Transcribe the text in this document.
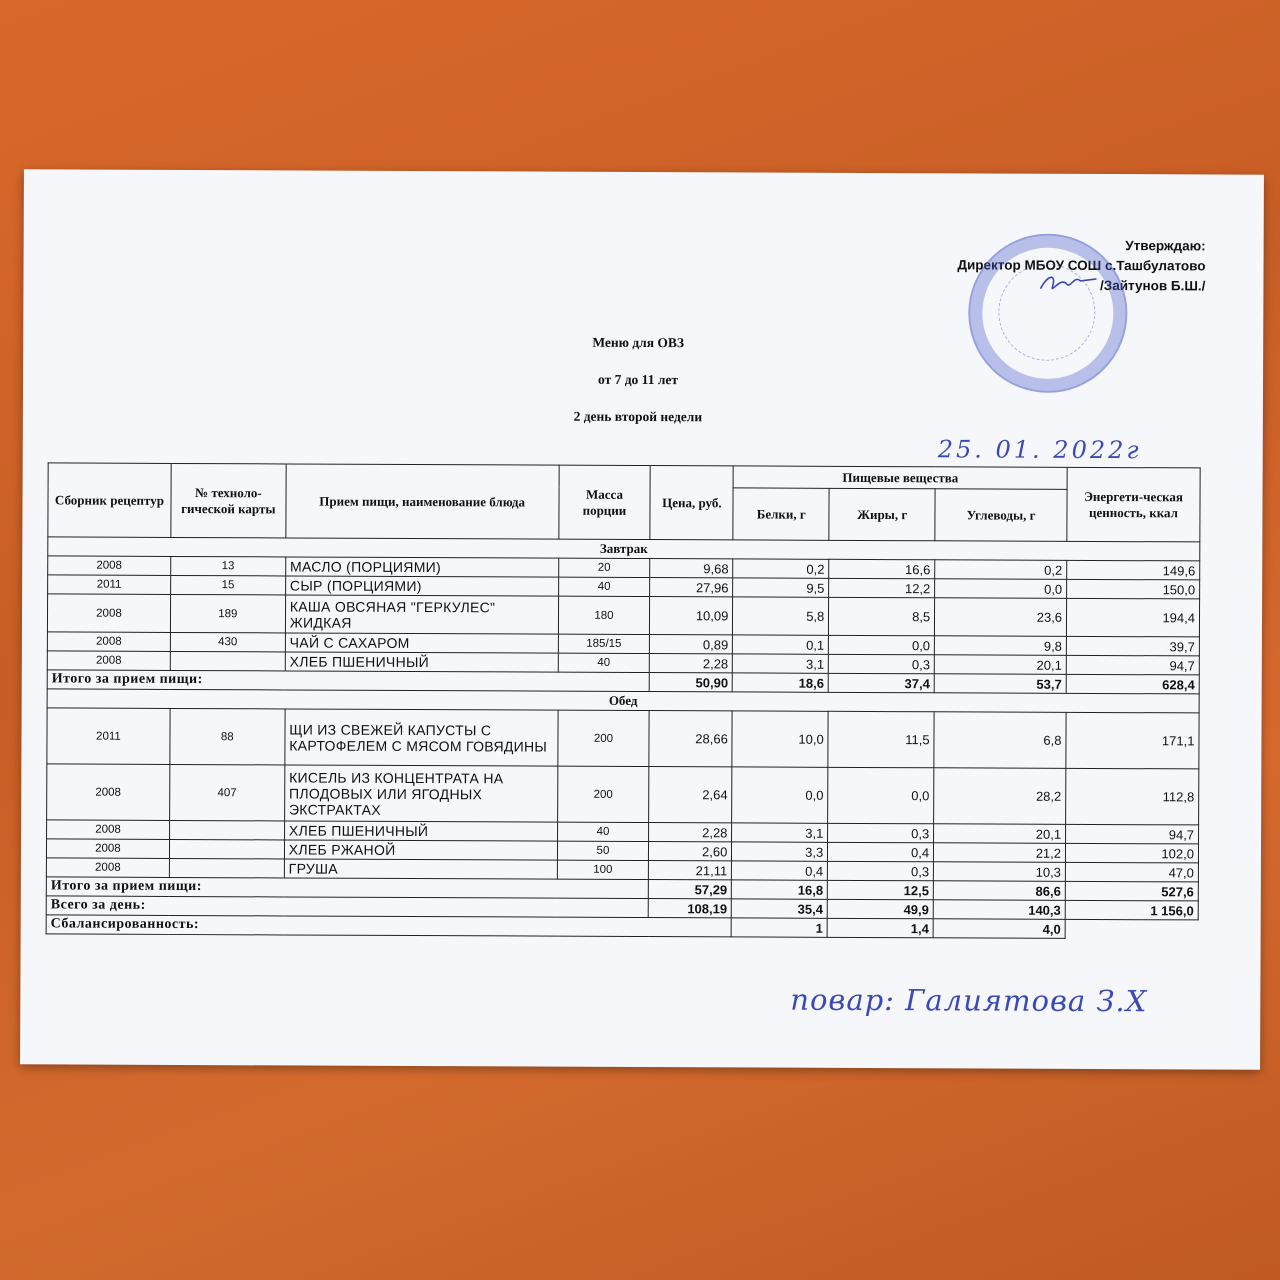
Утверждаю:
Директор МБОУ СОШ с.Ташбулатово
/Зайтунов Б.Ш./
Меню для ОВЗ
от 7 до 11 лет
2 день второй недели
25. 01. 2022г
Сборник рецептур	№ техноло-гической карты	Прием пищи, наименование блюда	Масса порции	Цена, руб.	Пищевые вещества			Энергети-ческая ценность, ккал
					Белки, г	Жиры, г	Углеводы, г	
Завтрак								
2008	13	МАСЛО (ПОРЦИЯМИ)	20	9,68	0,2	16,6	0,2	149,6
2011	15	СЫР (ПОРЦИЯМИ)	40	27,96	9,5	12,2	0,0	150,0
2008	189	КАША ОВСЯНАЯ "ГЕРКУЛЕС" ЖИДКАЯ	180	10,09	5,8	8,5	23,6	194,4
2008	430	ЧАЙ С САХАРОМ	185/15	0,89	0,1	0,0	9,8	39,7
2008		ХЛЕБ ПШЕНИЧНЫЙ	40	2,28	3,1	0,3	20,1	94,7
Итого за прием пищи:				50,90	18,6	37,4	53,7	628,4
Обед								
2011	88	ЩИ ИЗ СВЕЖЕЙ КАПУСТЫ С КАРТОФЕЛЕМ С МЯСОМ ГОВЯДИНЫ	200	28,66	10,0	11,5	6,8	171,1
2008	407	КИСЕЛЬ ИЗ КОНЦЕНТРАТА НА ПЛОДОВЫХ ИЛИ ЯГОДНЫХ ЭКСТРАКТАХ	200	2,64	0,0	0,0	28,2	112,8
2008		ХЛЕБ ПШЕНИЧНЫЙ	40	2,28	3,1	0,3	20,1	94,7
2008		ХЛЕБ РЖАНОЙ	50	2,60	3,3	0,4	21,2	102,0
2008		ГРУША	100	21,11	0,4	0,3	10,3	47,0
Итого за прием пищи:				57,29	16,8	12,5	86,6	527,6
Всего за день:				108,19	35,4	49,9	140,3	1 156,0
Сбалансированность:					1	1,4	4,0	
повар: Галиятова З.Х
